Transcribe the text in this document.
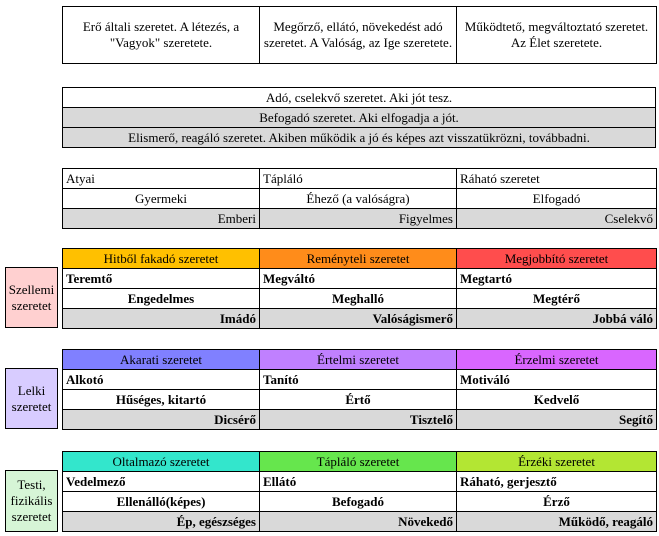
Erő általi szeretet. A létezés, a "Vagyok" szeretete.	Megőrző, ellátó, növekedést adó szeretet. A Valóság, az Ige szeretete.	Működtető, megváltoztató szeretet. Az Élet szeretete.
Adó, cselekvő szeretet. Aki jót tesz.
Befogadó szeretet. Aki elfogadja a jót.
Elismerő, reagáló szeretet. Akiben működik a jó és képes azt visszatükrözni, továbbadni.
Atyai	Tápláló	Ráható szeretet
Gyermeki	Éhező (a valóságra)	Elfogadó
Emberi	Figyelmes	Cselekvő
Szellemi szeretet
Hitből fakadó szeretet	Reményteli szeretet	Megjobbító szeretet
Teremtő	Megváltó	Megtartó
Engedelmes	Meghalló	Megtérő
Imádó	Valóságismerő	Jobbá váló
Lelki szeretet
Akarati szeretet	Értelmi szeretet	Érzelmi szeretet
Alkotó	Tanító	Motiváló
Hűséges, kitartó	Értő	Kedvelő
Dicsérő	Tisztelő	Segítő
Testi, fizikális szeretet
Oltalmazó szeretet	Tápláló szeretet	Érzéki szeretet
Vedelmező	Ellátó	Ráható, gerjesztő
Ellenálló(képes)	Befogadó	Érző
Ép, egészséges	Növekedő	Működő, reagáló
